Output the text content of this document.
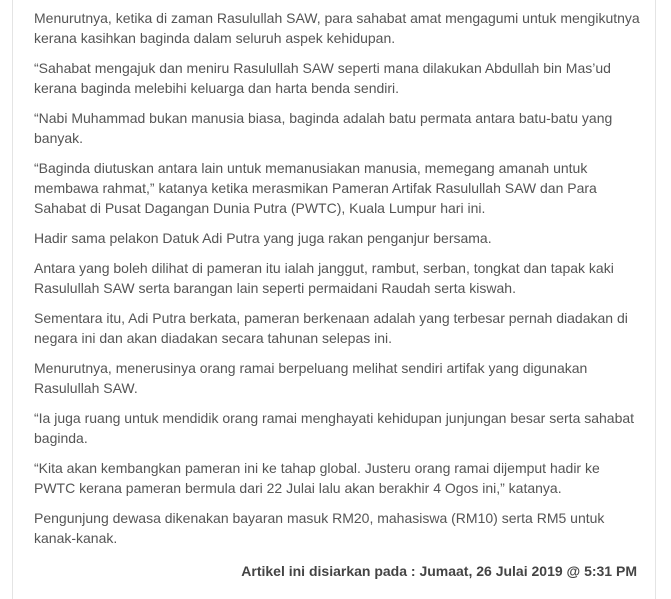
Menurutnya, ketika di zaman Rasulullah SAW, para sahabat amat mengagumi untuk mengikutnya kerana kasihkan baginda dalam seluruh aspek kehidupan.

“Sahabat mengajuk dan meniru Rasulullah SAW seperti mana dilakukan Abdullah bin Mas’ud kerana baginda melebihi keluarga dan harta benda sendiri.

“Nabi Muhammad bukan manusia biasa, baginda adalah batu permata antara batu-batu yang banyak.

“Baginda diutuskan antara lain untuk memanusiakan manusia, memegang amanah untuk membawa rahmat,” katanya ketika merasmikan Pameran Artifak Rasulullah SAW dan Para Sahabat di Pusat Dagangan Dunia Putra (PWTC), Kuala Lumpur hari ini.

Hadir sama pelakon Datuk Adi Putra yang juga rakan penganjur bersama.

Antara yang boleh dilihat di pameran itu ialah janggut, rambut, serban, tongkat dan tapak kaki Rasulullah SAW serta barangan lain seperti permaidani Raudah serta kiswah.

Sementara itu, Adi Putra berkata, pameran berkenaan adalah yang terbesar pernah diadakan di negara ini dan akan diadakan secara tahunan selepas ini.

Menurutnya, menerusinya orang ramai berpeluang melihat sendiri artifak yang digunakan Rasulullah SAW.

“Ia juga ruang untuk mendidik orang ramai menghayati kehidupan junjungan besar serta sahabat baginda.

“Kita akan kembangkan pameran ini ke tahap global. Justeru orang ramai dijemput hadir ke PWTC kerana pameran bermula dari 22 Julai lalu akan berakhir 4 Ogos ini,” katanya.

Pengunjung dewasa dikenakan bayaran masuk RM20, mahasiswa (RM10) serta RM5 untuk kanak-kanak.

Artikel ini disiarkan pada : Jumaat, 26 Julai 2019 @ 5:31 PM
